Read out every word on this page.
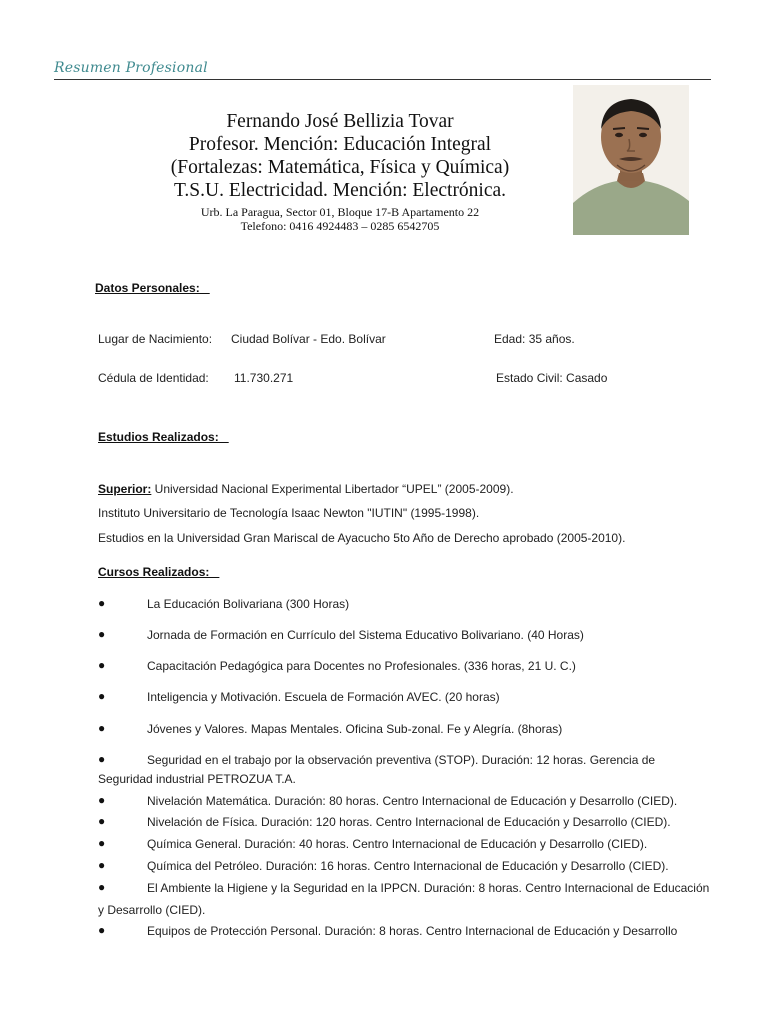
Resumen Profesional
Fernando José Bellizia Tovar
Profesor. Mención: Educación Integral
(Fortalezas: Matemática, Física y Química)
T.S.U. Electricidad. Mención: Electrónica.
Urb. La Paragua, Sector 01, Bloque 17-B Apartamento 22
Telefono: 0416 4924483 – 0285 6542705
Datos Personales:
Lugar de Nacimiento: Ciudad Bolívar - Edo. Bolívar	Edad: 35 años.
Cédula de Identidad: 11.730.271	Estado Civil: Casado
Estudios Realizados:
Superior: Universidad Nacional Experimental Libertador “UPEL” (2005-2009).
Instituto Universitario de Tecnología Isaac Newton "IUTIN" (1995-1998).
Estudios en la Universidad Gran Mariscal de Ayacucho 5to Año de Derecho aprobado (2005-2010).
Cursos Realizados:
●	La Educación Bolivariana (300 Horas)
●	Jornada de Formación en Currículo del Sistema Educativo Bolivariano. (40 Horas)
●	Capacitación Pedagógica para Docentes no Profesionales. (336 horas, 21 U. C.)
●	Inteligencia y Motivación. Escuela de Formación AVEC. (20 horas)
●	Jóvenes y Valores. Mapas Mentales. Oficina Sub-zonal. Fe y Alegría. (8horas)
●	Seguridad en el trabajo por la observación preventiva (STOP). Duración: 12 horas. Gerencia de
Seguridad industrial PETROZUA T.A.
●	Nivelación Matemática. Duración: 80 horas. Centro Internacional de Educación y Desarrollo (CIED).
●	Nivelación de Física. Duración: 120 horas. Centro Internacional de Educación y Desarrollo (CIED).
●	Química General. Duración: 40 horas. Centro Internacional de Educación y Desarrollo (CIED).
●	Química del Petróleo. Duración: 16 horas. Centro Internacional de Educación y Desarrollo (CIED).
●	El Ambiente la Higiene y la Seguridad en la IPPCN. Duración: 8 horas. Centro Internacional de Educación
y Desarrollo (CIED).
●	Equipos de Protección Personal. Duración: 8 horas. Centro Internacional de Educación y Desarrollo
